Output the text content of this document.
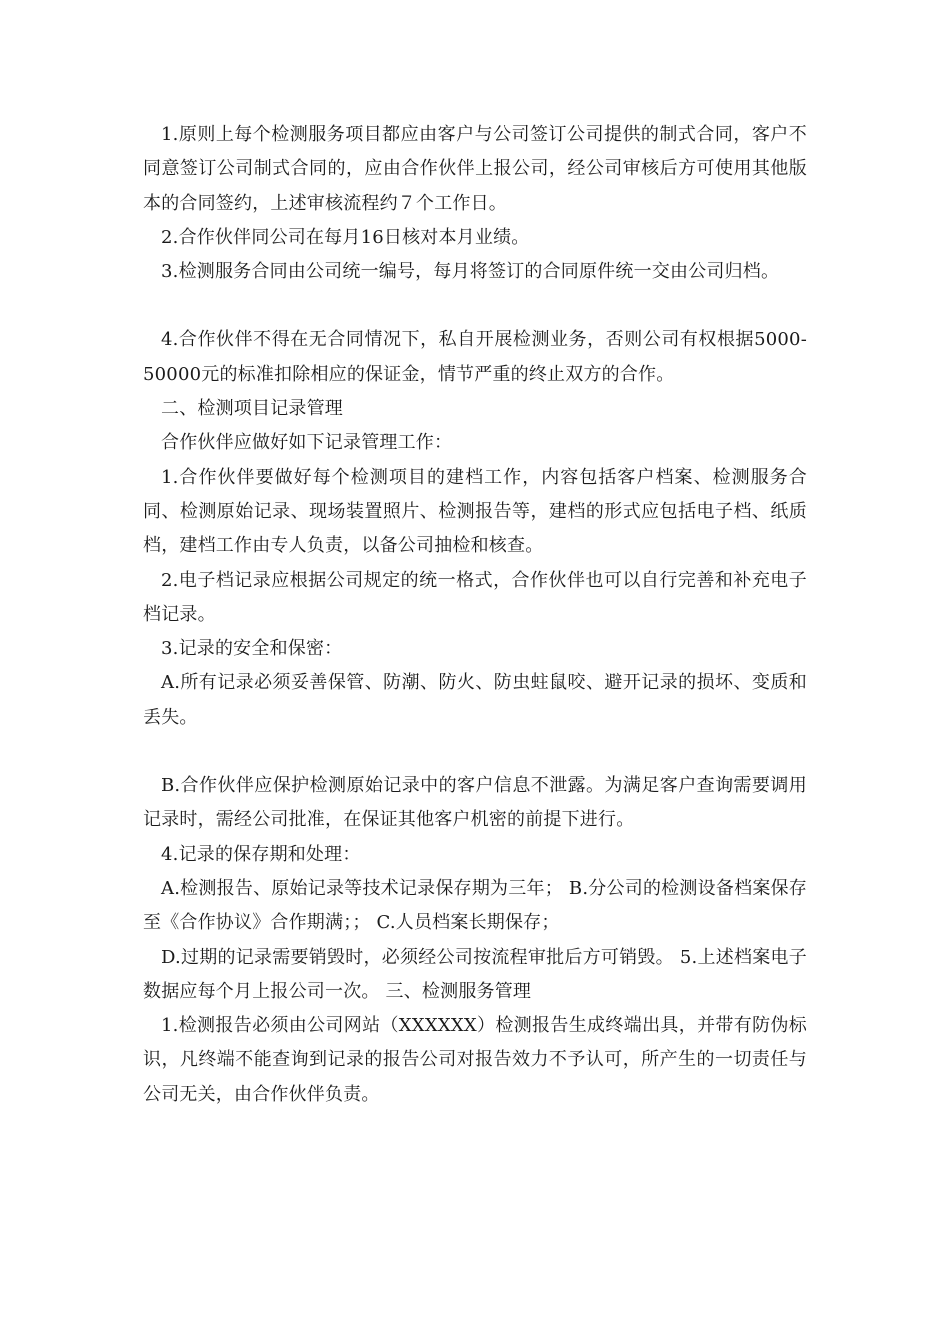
1.原则上每个检测服务项目都应由客户与公司签订公司提供的制式合同，客户不同意签订公司制式合同的，应由合作伙伴上报公司，经公司审核后方可使用其他版本的合同签约，上述审核流程约７个工作日。

2.合作伙伴同公司在每月16日核对本月业绩。

3.检测服务合同由公司统一编号，每月将签订的合同原件统一交由公司归档。

4.合作伙伴不得在无合同情况下，私自开展检测业务，否则公司有权根据5000-50000元的标准扣除相应的保证金，情节严重的终止双方的合作。

二、检测项目记录管理

合作伙伴应做好如下记录管理工作：

1.合作伙伴要做好每个检测项目的建档工作，内容包括客户档案、检测服务合同、检测原始记录、现场装置照片、检测报告等，建档的形式应包括电子档、纸质档，建档工作由专人负责，以备公司抽检和核查。

2.电子档记录应根据公司规定的统一格式，合作伙伴也可以自行完善和补充电子档记录。

3.记录的安全和保密：

A.所有记录必须妥善保管、防潮、防火、防虫蛀鼠咬、避开记录的损坏、变质和丢失。

B.合作伙伴应保护检测原始记录中的客户信息不泄露。为满足客户查询需要调用记录时，需经公司批准，在保证其他客户机密的前提下进行。

4.记录的保存期和处理：

A.检测报告、原始记录等技术记录保存期为三年； B.分公司的检测设备档案保存至《合作协议》合作期满；； C.人员档案长期保存；

D.过期的记录需要销毁时，必须经公司按流程审批后方可销毁。 5.上述档案电子数据应每个月上报公司一次。 三、检测服务管理

1.检测报告必须由公司网站（XXXXXX）检测报告生成终端出具，并带有防伪标识，凡终端不能查询到记录的报告公司对报告效力不予认可，所产生的一切责任与公司无关，由合作伙伴负责。
